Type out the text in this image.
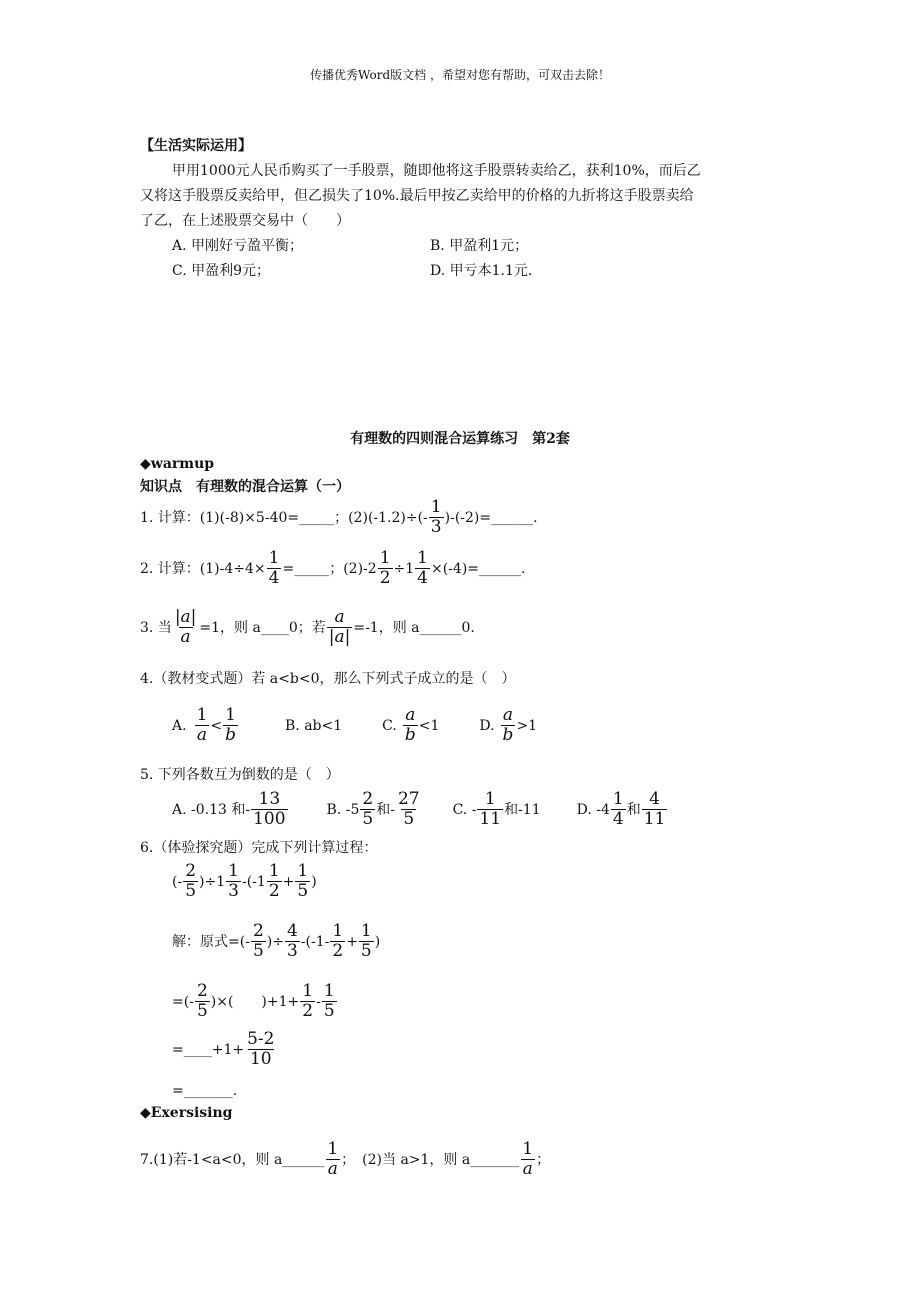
传播优秀Word版文档 ，希望对您有帮助，可双击去除！
【生活实际运用】
甲用1000元人民币购买了一手股票，随即他将这手股票转卖给乙，获利10%，而后乙
又将这手股票反卖给甲，但乙损失了10%.最后甲按乙卖给甲的价格的九折将这手股票卖给
了乙，在上述股票交易中（　　）
A. 甲刚好亏盈平衡；	B. 甲盈利1元；
C. 甲盈利9元；	D. 甲亏本1.1元.
有理数的四则混合运算练习　第2套
◆warmup
知识点　有理数的混合运算（一）
1. 计算：(1)(-8)×5-40=_____；$(2)(-1.2)\div(- \frac{1}{3}$ )-(-2)=______.
2. 计算：$(1)-4\div 4\times \frac{1}{4}$ =_____；$(2)-2 \frac{1}{2} \div 1 \frac{1}{4}$ ×(-4)=______.
3. 当 $\frac{|a|}{a} =1$，则 a____0；若 $\frac{a}{|a|} =-1$，则 a______0.
4.（教材变式题）若 a<b<0，那么下列式子成立的是（　）
A. $\frac{1}{a} < \frac{1}{b}$	B. ab<1	C. $\frac{a}{b} <1$	D. $\frac{a}{b} >1$
5. 下列各数互为倒数的是（　）
A. -0.13 和- $\frac{13}{100}$	B. $-5 \frac{2}{5}$ 和- $\frac{27}{5} C$. - $\frac{1}{11}$ 和-11	D. $-4 \frac{1}{4}$ 和 $\frac{4}{11}$
6.（体验探究题）完成下列计算过程：
(- $\frac{2}{5} )\div 1 \frac{1}{3} -(-1 \frac{1}{2} + \frac{1}{5}$ )
解：原式=(- $\frac{2}{5}$ )÷ $\frac{4}{3} -(-1- \frac{1}{2} + \frac{1}{5}$ )
=(- $\frac{2}{5}$ )×(　　)$+1+ \frac{1}{2} - \frac{1}{5}$
=____+1+ $\frac{5-2}{10}$
=_______.
◆Exersising
7.(1)若-1<a<0，则 a______ $\frac{1}{a}$ ；　(2)当 a>1，则 a_______ $\frac{1}{a}$ ；
